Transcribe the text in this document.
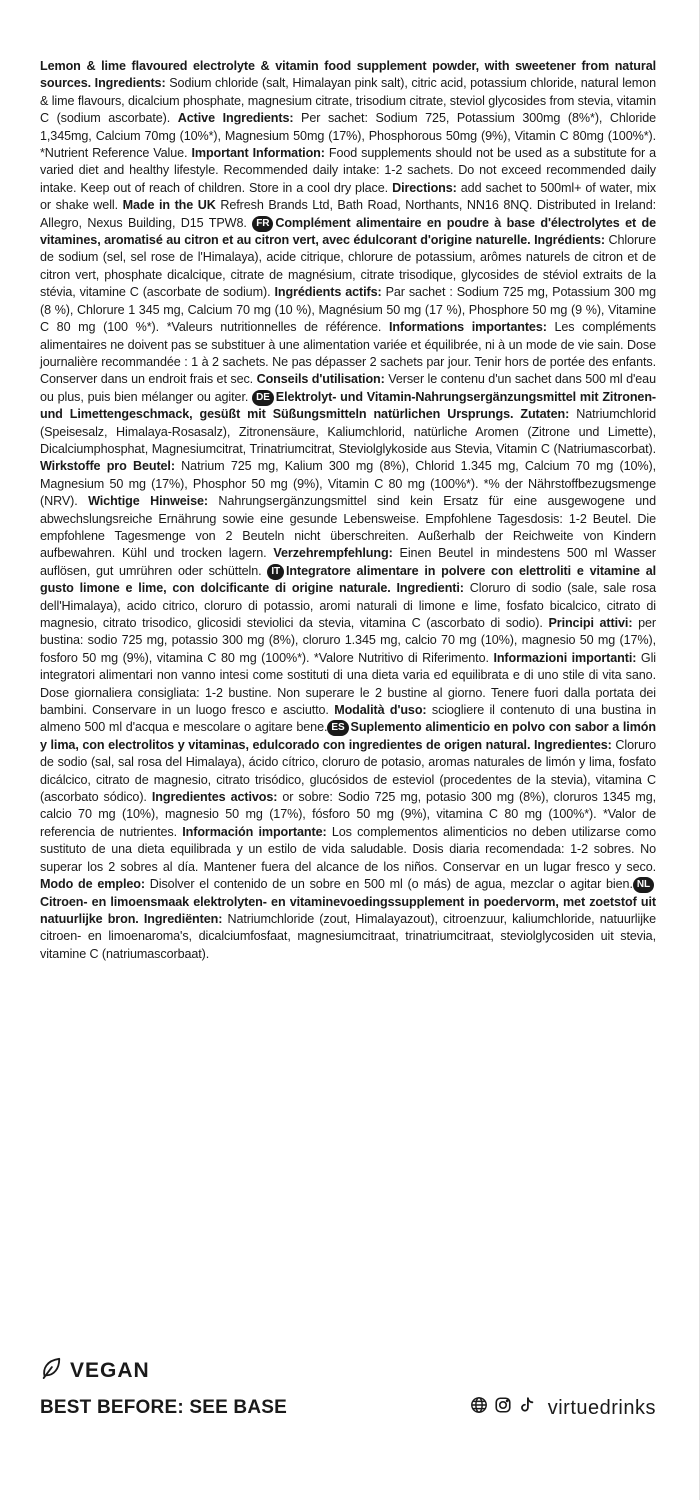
Lemon & lime flavoured electrolyte & vitamin food supplement powder, with sweetener from natural sources. Ingredients: Sodium chloride (salt, Himalayan pink salt), citric acid, potassium chloride, natural lemon & lime flavours, dicalcium phosphate, magnesium citrate, trisodium citrate, steviol glycosides from stevia, vitamin C (sodium ascorbate). Active Ingredients: Per sachet: Sodium 725, Potassium 300mg (8%*), Chloride 1,345mg, Calcium 70mg (10%*), Magnesium 50mg (17%), Phosphorous 50mg (9%), Vitamin C 80mg (100%*). *Nutrient Reference Value. Important Information: Food supplements should not be used as a substitute for a varied diet and healthy lifestyle. Recommended daily intake: 1-2 sachets. Do not exceed recommended daily intake. Keep out of reach of children. Store in a cool dry place. Directions: add sachet to 500ml+ of water, mix or shake well. Made in the UK Refresh Brands Ltd, Bath Road, Northants, NN16 8NQ. Distributed in Ireland: Allegro, Nexus Building, D15 TPW8. FR Complément alimentaire en poudre à base d'électrolytes et de vitamines, aromatisé au citron et au citron vert, avec édulcorant d'origine naturelle. Ingrédients: Chlorure de sodium (sel, sel rose de l'Himalaya), acide citrique, chlorure de potassium, arômes naturels de citron et de citron vert, phosphate dicalcique, citrate de magnésium, citrate trisodique, glycosides de stéviol extraits de la stévia, vitamine C (ascorbate de sodium). Ingrédients actifs: Par sachet : Sodium 725 mg, Potassium 300 mg (8 %), Chlorure 1 345 mg, Calcium 70 mg (10 %), Magnésium 50 mg (17 %), Phosphore 50 mg (9 %), Vitamine C 80 mg (100 %*). *Valeurs nutritionnelles de référence. Informations importantes: Les compléments alimentaires ne doivent pas se substituer à une alimentation variée et équilibrée, ni à un mode de vie sain. Dose journalière recommandée : 1 à 2 sachets. Ne pas dépasser 2 sachets par jour. Tenir hors de portée des enfants. Conserver dans un endroit frais et sec. Conseils d'utilisation: Verser le contenu d'un sachet dans 500 ml d'eau ou plus, puis bien mélanger ou agiter. DE Elektrolyt- und Vitamin-Nahrungsergänzungsmittel mit Zitronen- und Limettengeschmack, gesüßt mit Süßungsmitteln natürlichen Ursprungs. Zutaten: Natriumchlorid (Speisesalz, Himalaya-Rosasalz), Zitronensäure, Kaliumchlorid, natürliche Aromen (Zitrone und Limette), Dicalciumphosphat, Magnesiumcitrat, Trinatriumcitrat, Steviolglykoside aus Stevia, Vitamin C (Natriumascorbat). Wirkstoffe pro Beutel: Natrium 725 mg, Kalium 300 mg (8%), Chlorid 1.345 mg, Calcium 70 mg (10%), Magnesium 50 mg (17%), Phosphor 50 mg (9%), Vitamin C 80 mg (100%*). *% der Nährstoffbezugsmenge (NRV). Wichtige Hinweise: Nahrungsergänzungsmittel sind kein Ersatz für eine ausgewogene und abwechslungsreiche Ernährung sowie eine gesunde Lebensweise. Empfohlene Tagesdosis: 1-2 Beutel. Die empfohlene Tagesmenge von 2 Beuteln nicht überschreiten. Außerhalb der Reichweite von Kindern aufbewahren. Kühl und trocken lagern. Verzehrempfehlung: Einen Beutel in mindestens 500 ml Wasser auflösen, gut umrühren oder schütteln. IT Integratore alimentare in polvere con elettroliti e vitamine al gusto limone e lime, con dolcificante di origine naturale. Ingredienti: Cloruro di sodio (sale, sale rosa dell'Himalaya), acido citrico, cloruro di potassio, aromi naturali di limone e lime, fosfato bicalcico, citrato di magnesio, citrato trisodico, glicosidi steviolici da stevia, vitamina C (ascorbato di sodio). Principi attivi: per bustina: sodio 725 mg, potassio 300 mg (8%), cloruro 1.345 mg, calcio 70 mg (10%), magnesio 50 mg (17%), fosforo 50 mg (9%), vitamina C 80 mg (100%*). *Valore Nutritivo di Riferimento. Informazioni importanti: Gli integratori alimentari non vanno intesi come sostituti di una dieta varia ed equilibrata e di uno stile di vita sano. Dose giornaliera consigliata: 1-2 bustine. Non superare le 2 bustine al giorno. Tenere fuori dalla portata dei bambini. Conservare in un luogo fresco e asciutto. Modalità d'uso: sciogliere il contenuto di una bustina in almeno 500 ml d'acqua e mescolare o agitare bene. ES Suplemento alimenticio en polvo con sabor a limón y lima, con electrolitos y vitaminas, edulcorado con ingredientes de origen natural. Ingredientes: Cloruro de sodio (sal, sal rosa del Himalaya), ácido cítrico, cloruro de potasio, aromas naturales de limón y lima, fosfato dicálcico, citrato de magnesio, citrato trisódico, glucósidos de esteviol (procedentes de la stevia), vitamina C (ascorbato sódico). Ingredientes activos: or sobre: Sodio 725 mg, potasio 300 mg (8%), cloruros 1345 mg, calcio 70 mg (10%), magnesio 50 mg (17%), fósforo 50 mg (9%), vitamina C 80 mg (100%*). *Valor de referencia de nutrientes. Información importante: Los complementos alimenticios no deben utilizarse como sustituto de una dieta equilibrada y un estilo de vida saludable. Dosis diaria recomendada: 1-2 sobres. No superar los 2 sobres al día. Mantener fuera del alcance de los niños. Conservar en un lugar fresco y seco. Modo de empleo: Disolver el contenido de un sobre en 500 ml (o más) de agua, mezclar o agitar bien. NLCitroen- en limoensmaak elektrolyten- en vitaminevoedingssupplement in poedervorm, met zoetstof uit natuurlijke bron. Ingrediënten: Natriumchloride (zout, Himalayazout), citroenzuur, kaliumchloride, natuurlijke citroen- en limoenaroma's, dicalciumfosfaat, magnesiumcitraat, trinatriumcitraat, steviolglycosiden uit stevia, vitamine C (natriumascorbaat).
VEGAN
BEST BEFORE: SEE BASE	virtuedrinks
